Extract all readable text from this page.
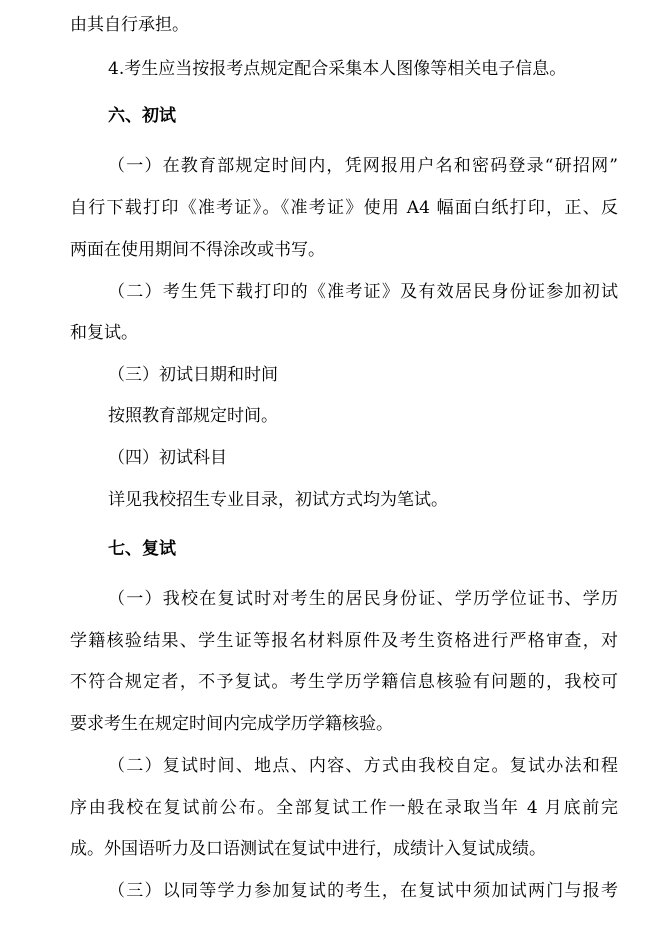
由其自行承担。
4.考生应当按报考点规定配合采集本人图像等相关电子信息。
六、初试
（一）在教育部规定时间内，凭网报用户名和密码登录“研招网”
自行下载打印《准考证》。《准考证》使用 A4 幅面白纸打印，正、反
两面在使用期间不得涂改或书写。
（二）考生凭下载打印的《准考证》及有效居民身份证参加初试
和复试。
（三）初试日期和时间
按照教育部规定时间。
（四）初试科目
详见我校招生专业目录，初试方式均为笔试。
七、复试
（一）我校在复试时对考生的居民身份证、学历学位证书、学历
学籍核验结果、学生证等报名材料原件及考生资格进行严格审查，对
不符合规定者，不予复试。考生学历学籍信息核验有问题的，我校可
要求考生在规定时间内完成学历学籍核验。
（二）复试时间、地点、内容、方式由我校自定。复试办法和程
序由我校在复试前公布。全部复试工作一般在录取当年 4 月底前完
成。外国语听力及口语测试在复试中进行，成绩计入复试成绩。
（三）以同等学力参加复试的考生，在复试中须加试两门与报考
